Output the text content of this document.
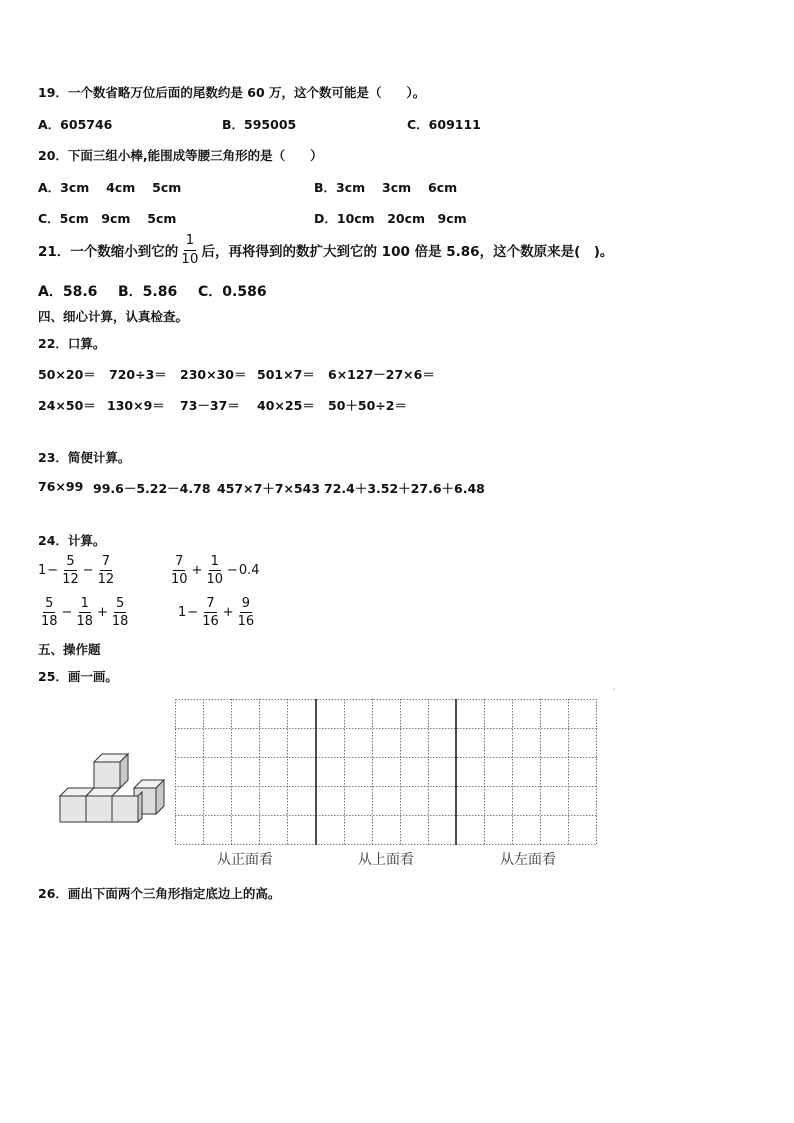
19．一个数省略万位后面的尾数约是 60 万，这个数可能是（　　）。
A．605746	B．595005	C．609111
20．下面三组小棒,能围成等腰三角形的是（　　）
A．3cm　 4cm　 5cm	B．3cm　 3cm　 6cm
C．5cm　9cm　 5cm	D．10cm　20cm　9cm
21．一个数缩小到它的 $\frac{1}{10}$ 后，再将得到的数扩大到它的 100 倍是 5.86，这个数原来是(　)。
A．58.6 B．5.86 C．0.586
四、细心计算，认真检查。
22．口算。
50×20＝ 720÷3＝ 230×30＝ 501×7＝ 6×127－27×6＝
24×50＝ 130×9＝ 73－37＝ 40×25＝ 50＋50÷2＝
23．简便计算。
76×99 99.6－5.22－4.78 457×7＋7×543 72.4＋3.52＋27.6＋6.48
24．计算。
$1 - \frac{5}{12} - \frac{7}{12}$	$\frac{7}{10} + \frac{1}{10} - 0.4$
$\frac{5}{18} - \frac{1}{18} + \frac{5}{18}$	$1 - \frac{7}{16} + \frac{9}{16}$
五、操作题
25．画一画。
·
从正面看	从上面看	从左面看
26．画出下面两个三角形指定底边上的高。
